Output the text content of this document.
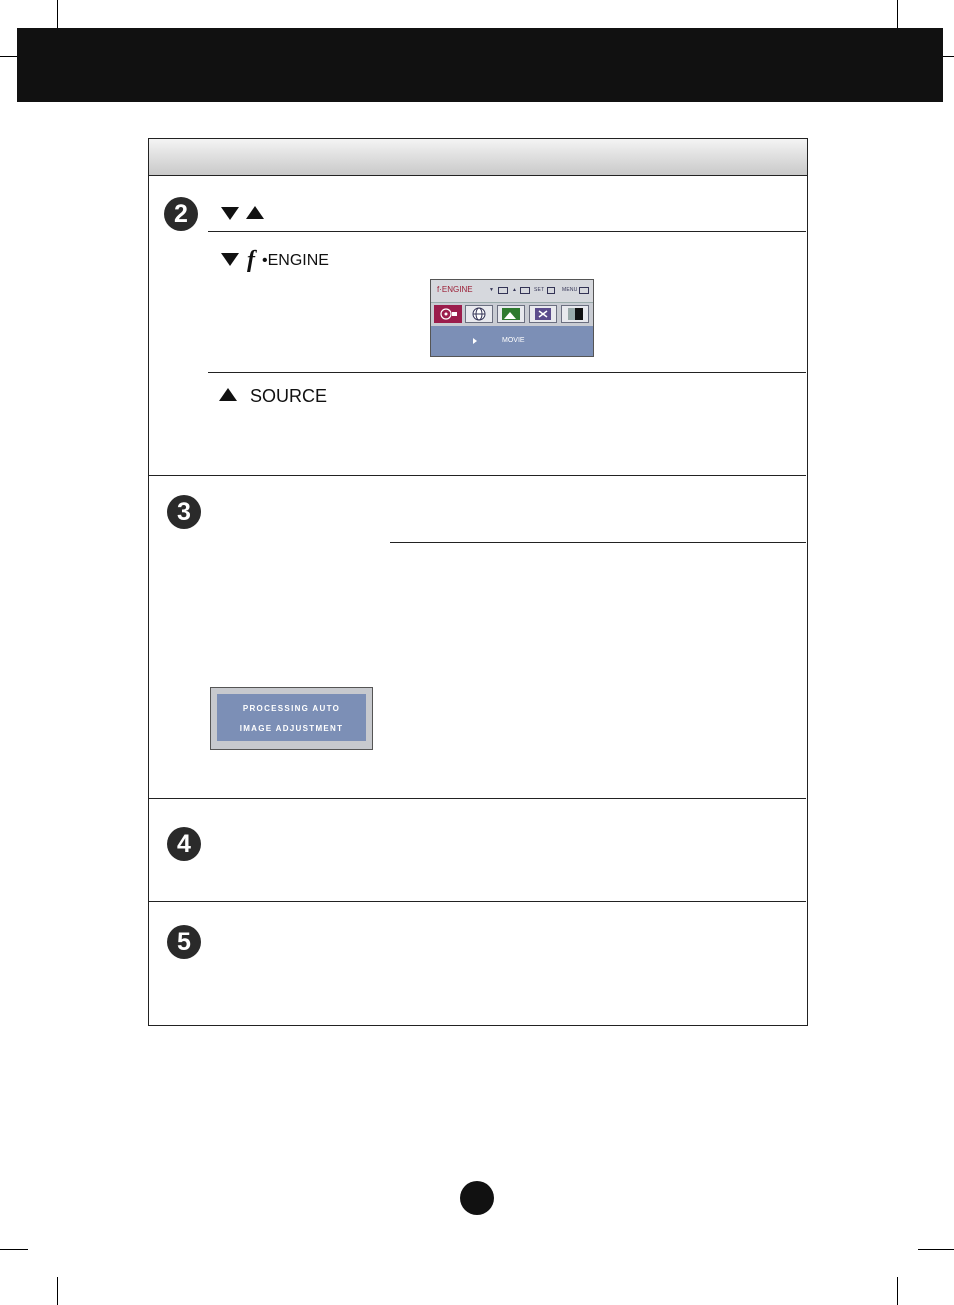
2
f •ENGINE
f·ENGINE	▼	▲	SET	MENU
MOVIE
SOURCE
3
PROCESSING AUTO
IMAGE ADJUSTMENT
4
5
